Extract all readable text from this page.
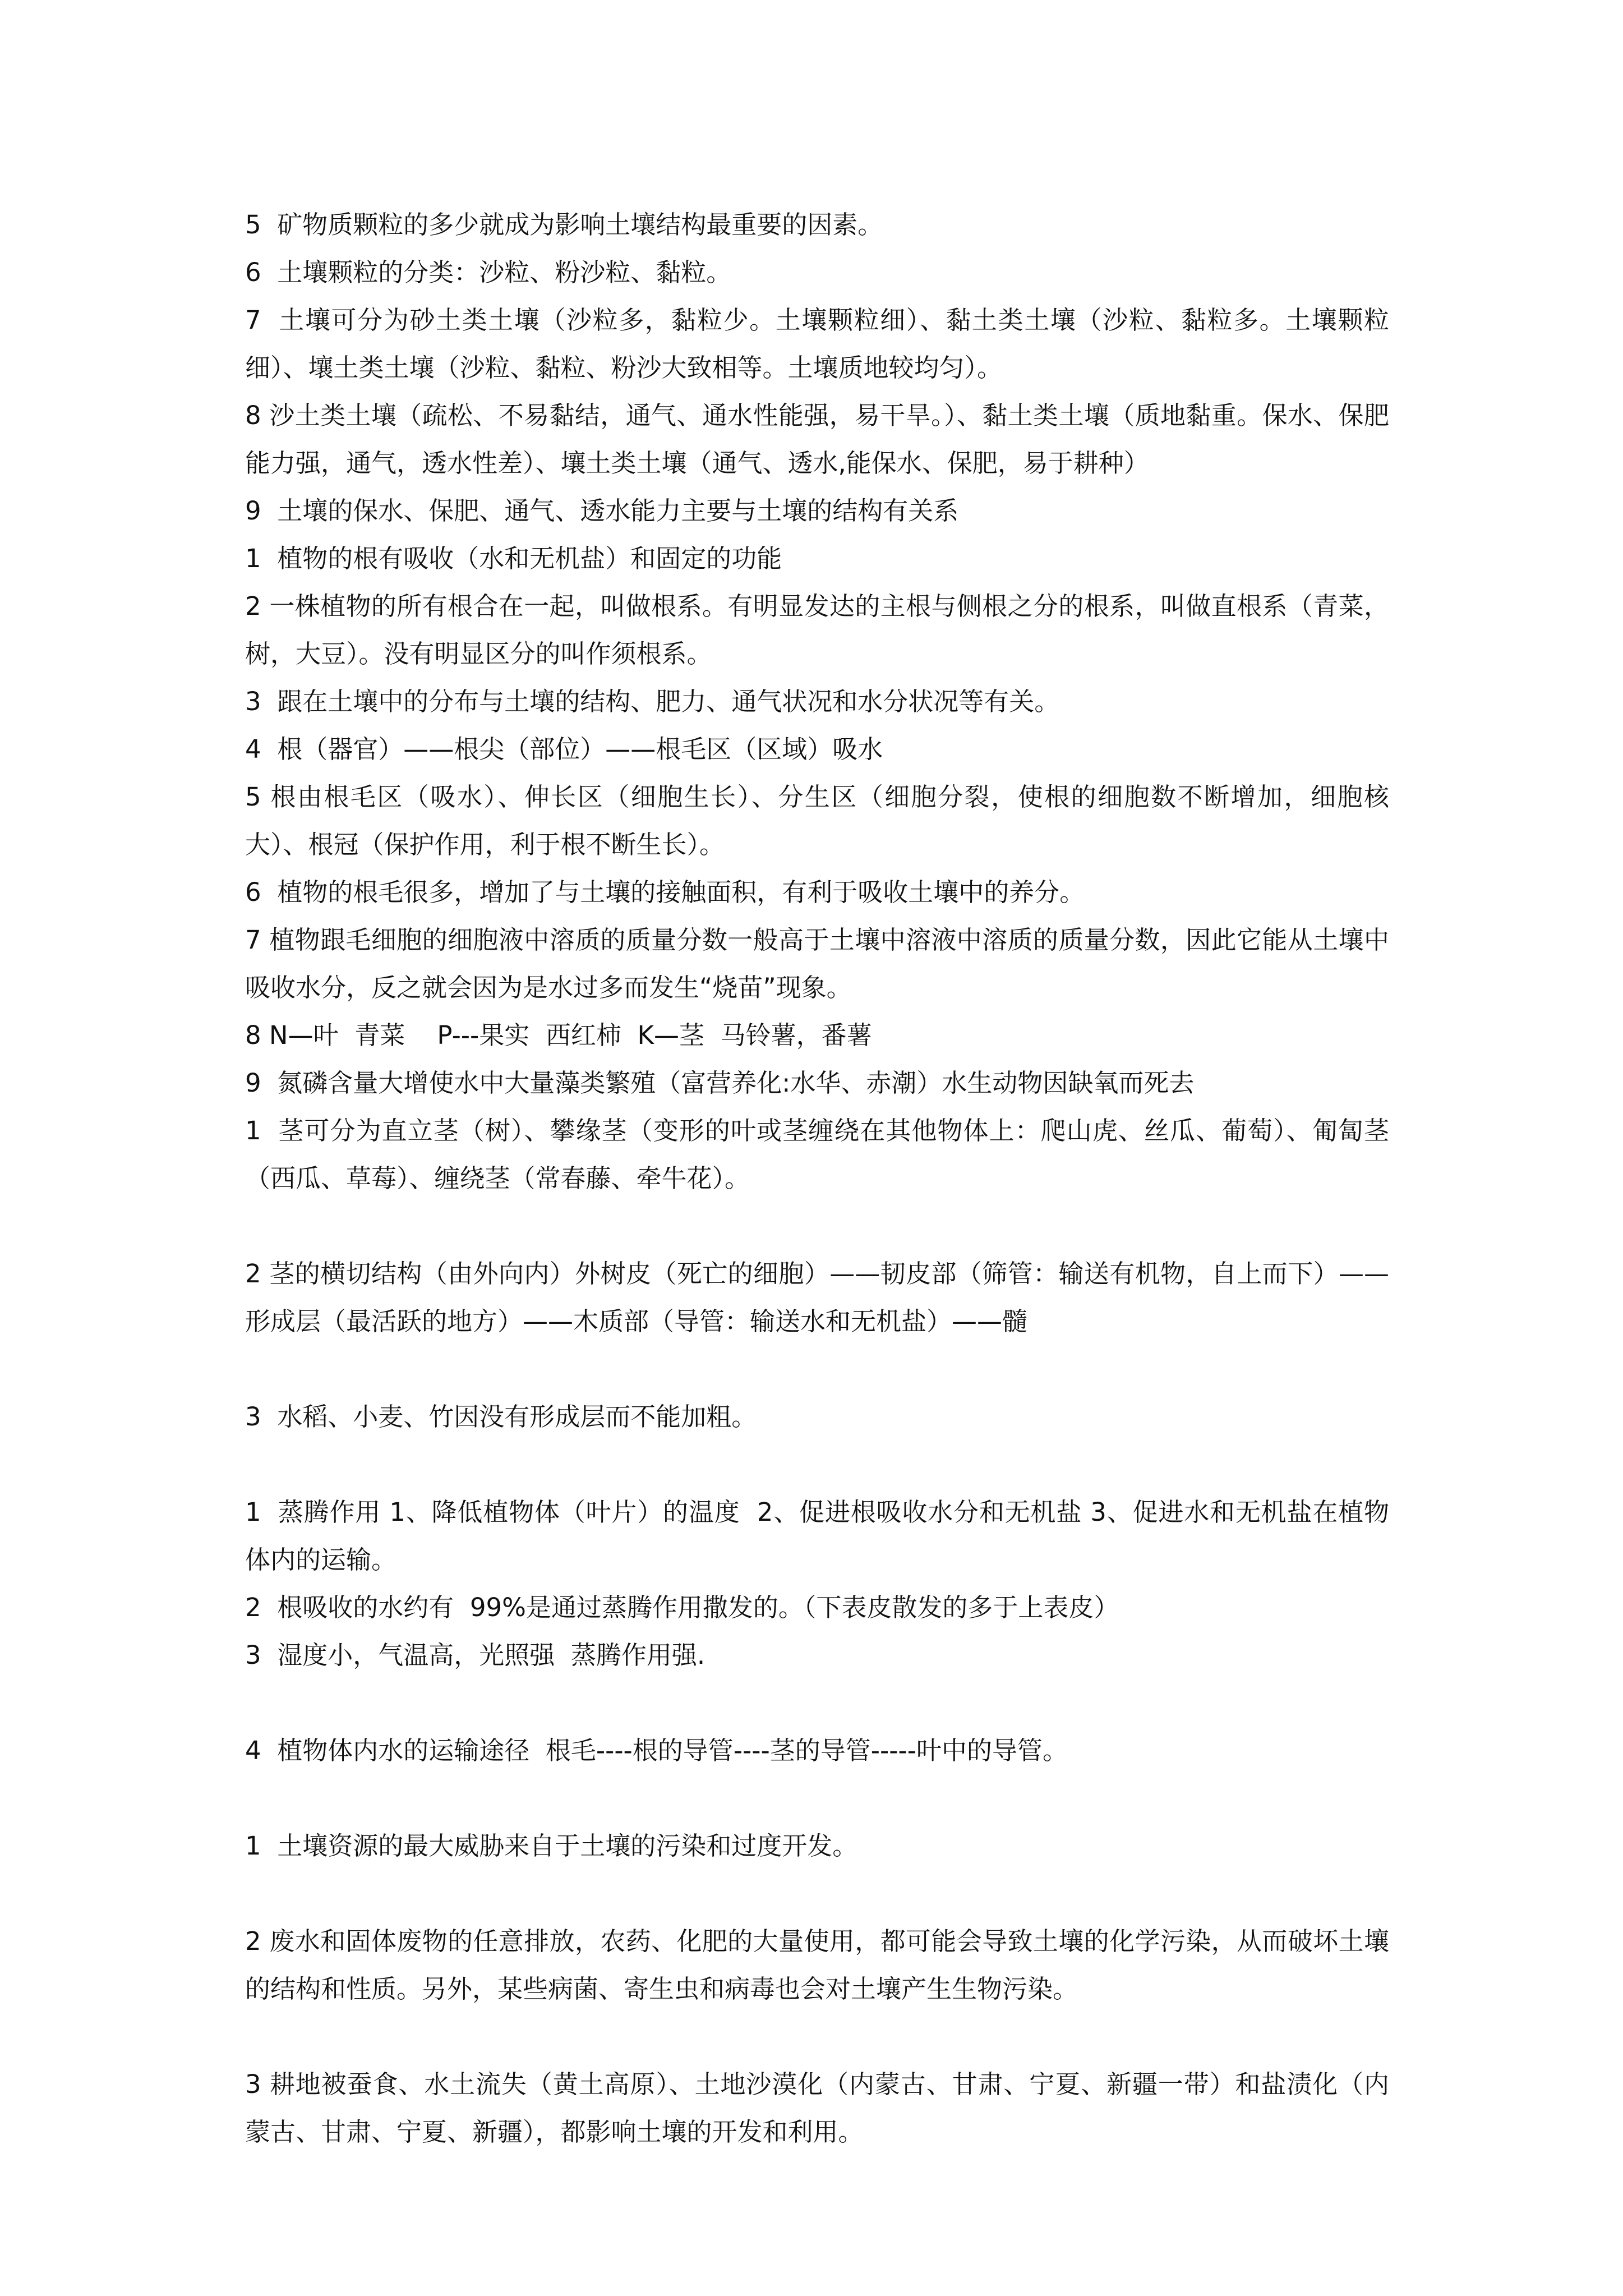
5  矿物质颗粒的多少就成为影响土壤结构最重要的因素。

6  土壤颗粒的分类：沙粒、粉沙粒、黏粒。

7  土壤可分为砂土类土壤（沙粒多，黏粒少。土壤颗粒细）、黏土类土壤（沙粒、黏粒多。土壤颗粒细）、壤土类土壤（沙粒、黏粒、粉沙大致相等。土壤质地较均匀）。

8 沙土类土壤（疏松、不易黏结，通气、通水性能强，易干旱。）、黏土类土壤（质地黏重。保水、保肥能力强，通气，透水性差）、壤土类土壤（通气、透水,能保水、保肥，易于耕种）

9  土壤的保水、保肥、通气、透水能力主要与土壤的结构有关系

1  植物的根有吸收（水和无机盐）和固定的功能

2 一株植物的所有根合在一起，叫做根系。有明显发达的主根与侧根之分的根系，叫做直根系（青菜，树，大豆）。没有明显区分的叫作须根系。

3  跟在土壤中的分布与土壤的结构、肥力、通气状况和水分状况等有关。

4  根（器官）——根尖（部位）——根毛区（区域）吸水

5 根由根毛区（吸水）、伸长区（细胞生长）、分生区（细胞分裂，使根的细胞数不断增加，细胞核大）、根冠（保护作用，利于根不断生长）。

6  植物的根毛很多，增加了与土壤的接触面积，有利于吸收土壤中的养分。

7 植物跟毛细胞的细胞液中溶质的质量分数一般高于土壤中溶液中溶质的质量分数，因此它能从土壤中吸收水分，反之就会因为是水过多而发生“烧苗”现象。

8 N—叶  青菜    P---果实  西红柿  K—茎  马铃薯，番薯

9  氮磷含量大增使水中大量藻类繁殖（富营养化:水华、赤潮）水生动物因缺氧而死去

1  茎可分为直立茎（树）、攀缘茎（变形的叶或茎缠绕在其他物体上：爬山虎、丝瓜、葡萄）、匍匐茎（西瓜、草莓）、缠绕茎（常春藤、牵牛花）。

2 茎的横切结构（由外向内）外树皮（死亡的细胞）——韧皮部（筛管：输送有机物，自上而下）——形成层（最活跃的地方）——木质部（导管：输送水和无机盐）——髓

3  水稻、小麦、竹因没有形成层而不能加粗。

1  蒸腾作用 1、降低植物体（叶片）的温度  2、促进根吸收水分和无机盐 3、促进水和无机盐在植物体内的运输。

2  根吸收的水约有  99%是通过蒸腾作用撒发的。（下表皮散发的多于上表皮）

3  湿度小，气温高，光照强  蒸腾作用强.

4  植物体内水的运输途径  根毛----根的导管----茎的导管-----叶中的导管。

1  土壤资源的最大威胁来自于土壤的污染和过度开发。

2 废水和固体废物的任意排放，农药、化肥的大量使用，都可能会导致土壤的化学污染，从而破坏土壤的结构和性质。另外，某些病菌、寄生虫和病毒也会对土壤产生生物污染。

3 耕地被蚕食、水土流失（黄土高原）、土地沙漠化（内蒙古、甘肃、宁夏、新疆一带）和盐渍化（内蒙古、甘肃、宁夏、新疆），都影响土壤的开发和利用。
